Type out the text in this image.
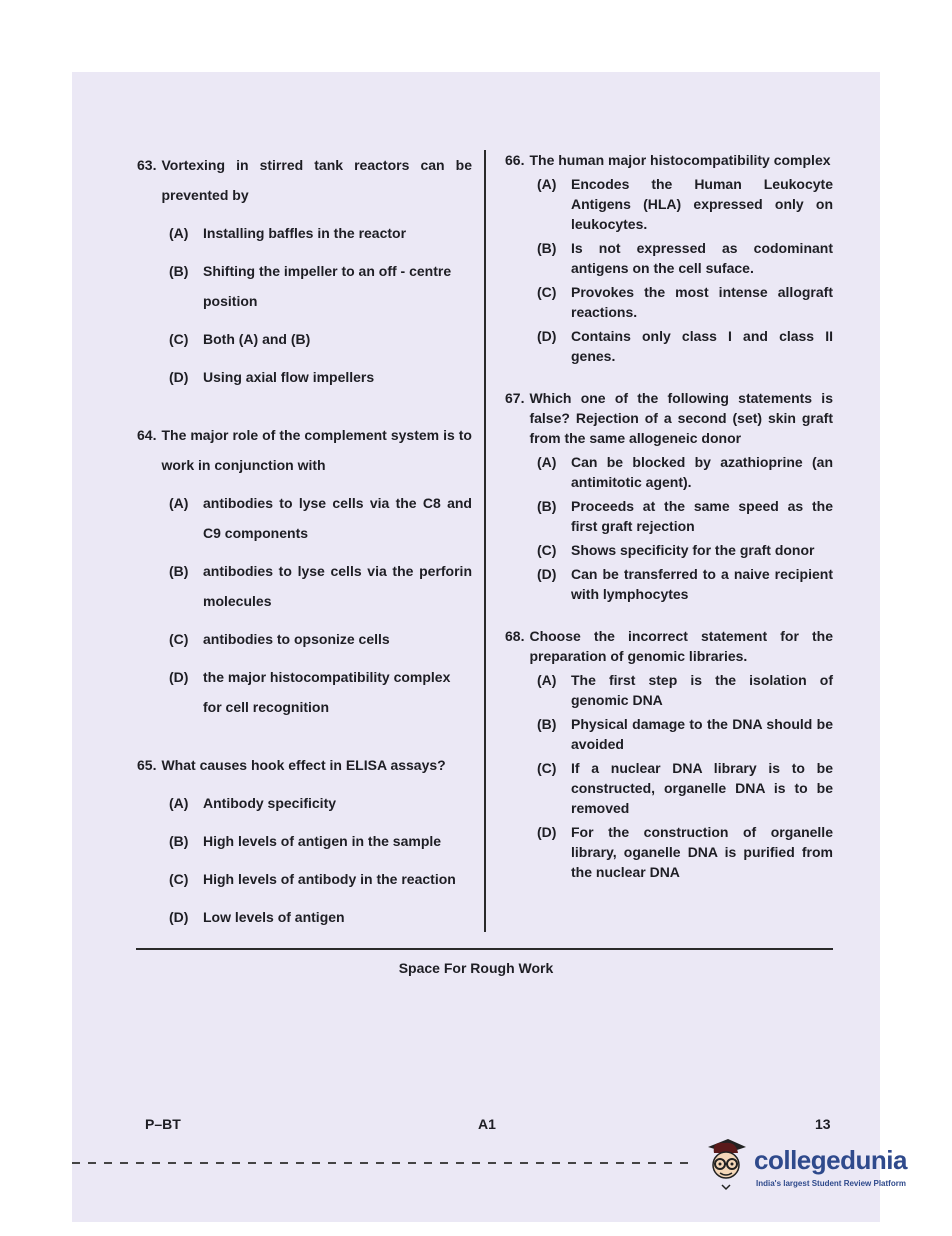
63. Vortexing in stirred tank reactors can be prevented by
(A)	Installing baffles in the reactor
(B)	Shifting the impeller to an off - centre position
(C)	Both (A) and (B)
(D)	Using axial flow impellers
64. The major role of the complement system is to work in conjunction with
(A)	antibodies to lyse cells via the C8 and C9 components
(B)	antibodies to lyse cells via the perforin molecules
(C)	antibodies to opsonize cells
(D)	the major histocompatibility complex for cell recognition
65. What causes hook effect in ELISA assays?
(A)	Antibody specificity
(B)	High levels of antigen in the sample
(C)	High levels of antibody in the reaction
(D)	Low levels of antigen
66. The human major histocompatibility complex
(A)	Encodes the Human Leukocyte Antigens (HLA) expressed only on leukocytes.
(B)	Is not expressed as codominant antigens on the cell suface.
(C)	Provokes the most intense allograft reactions.
(D)	Contains only class I and class II genes.
67. Which one of the following statements is false? Rejection of a second (set) skin graft from the same allogeneic donor
(A)	Can be blocked by azathioprine (an antimitotic agent).
(B)	Proceeds at the same speed as the first graft rejection
(C)	Shows specificity for the graft donor
(D)	Can be transferred to a naive recipient with lymphocytes
68. Choose the incorrect statement for the preparation of genomic libraries.
(A)	The first step is the isolation of genomic DNA
(B)	Physical damage to the DNA should be avoided
(C)	If a nuclear DNA library is to be constructed, organelle DNA is to be removed
(D)	For the construction of organelle library, oganelle DNA is purified from the nuclear DNA
Space For Rough Work
P–BT	A1	13
collegedunia
India's largest Student Review Platform
